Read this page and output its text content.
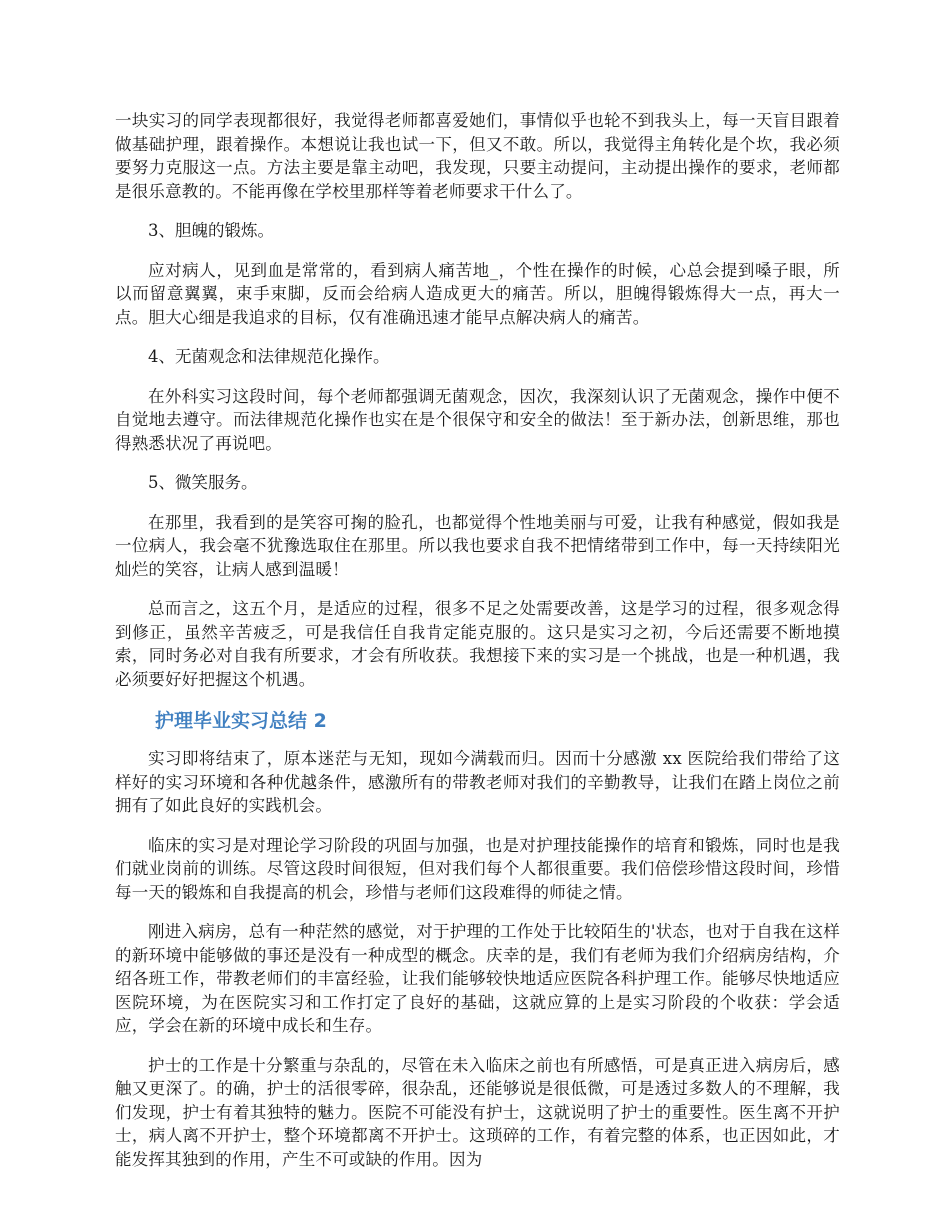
一块实习的同学表现都很好，我觉得老师都喜爱她们，事情似乎也轮不到我头上，每一天盲目跟着做基础护理，跟着操作。本想说让我也试一下，但又不敢。所以，我觉得主角转化是个坎，我必须要努力克服这一点。方法主要是靠主动吧，我发现，只要主动提问，主动提出操作的要求，老师都是很乐意教的。不能再像在学校里那样等着老师要求干什么了。

3、胆魄的锻炼。

应对病人，见到血是常常的，看到病人痛苦地_，个性在操作的时候，心总会提到嗓子眼，所以而留意翼翼，束手束脚，反而会给病人造成更大的痛苦。所以，胆魄得锻炼得大一点，再大一点。胆大心细是我追求的目标，仅有准确迅速才能早点解决病人的痛苦。

4、无菌观念和法律规范化操作。

在外科实习这段时间，每个老师都强调无菌观念，因次，我深刻认识了无菌观念，操作中便不自觉地去遵守。而法律规范化操作也实在是个很保守和安全的做法！至于新办法，创新思维，那也得熟悉状况了再说吧。

5、微笑服务。

在那里，我看到的是笑容可掬的脸孔，也都觉得个性地美丽与可爱，让我有种感觉，假如我是一位病人，我会毫不犹豫选取住在那里。所以我也要求自我不把情绪带到工作中，每一天持续阳光灿烂的笑容，让病人感到温暖！

总而言之，这五个月，是适应的过程，很多不足之处需要改善，这是学习的过程，很多观念得到修正，虽然辛苦疲乏，可是我信任自我肯定能克服的。这只是实习之初，今后还需要不断地摸索，同时务必对自我有所要求，才会有所收获。我想接下来的实习是一个挑战，也是一种机遇，我必须要好好把握这个机遇。

护理毕业实习总结 2

实习即将结束了，原本迷茫与无知，现如今满载而归。因而十分感激 xx 医院给我们带给了这样好的实习环境和各种优越条件，感激所有的带教老师对我们的辛勤教导，让我们在踏上岗位之前拥有了如此良好的实践机会。

临床的实习是对理论学习阶段的巩固与加强，也是对护理技能操作的培育和锻炼，同时也是我们就业岗前的训练。尽管这段时间很短，但对我们每个人都很重要。我们倍偿珍惜这段时间，珍惜每一天的锻炼和自我提高的机会，珍惜与老师们这段难得的师徒之情。

刚进入病房，总有一种茫然的感觉，对于护理的工作处于比较陌生的'状态，也对于自我在这样的新环境中能够做的事还是没有一种成型的概念。庆幸的是，我们有老师为我们介绍病房结构，介绍各班工作，带教老师们的丰富经验，让我们能够较快地适应医院各科护理工作。能够尽快地适应医院环境，为在医院实习和工作打定了良好的基础，这就应算的上是实习阶段的个收获：学会适应，学会在新的环境中成长和生存。

护士的工作是十分繁重与杂乱的，尽管在未入临床之前也有所感悟，可是真正进入病房后，感触又更深了。的确，护士的活很零碎，很杂乱，还能够说是很低微，可是透过多数人的不理解，我们发现，护士有着其独特的魅力。医院不可能没有护士，这就说明了护士的重要性。医生离不开护士，病人离不开护士，整个环境都离不开护士。这琐碎的工作，有着完整的体系，也正因如此，才能发挥其独到的作用，产生不可或缺的作用。因为
